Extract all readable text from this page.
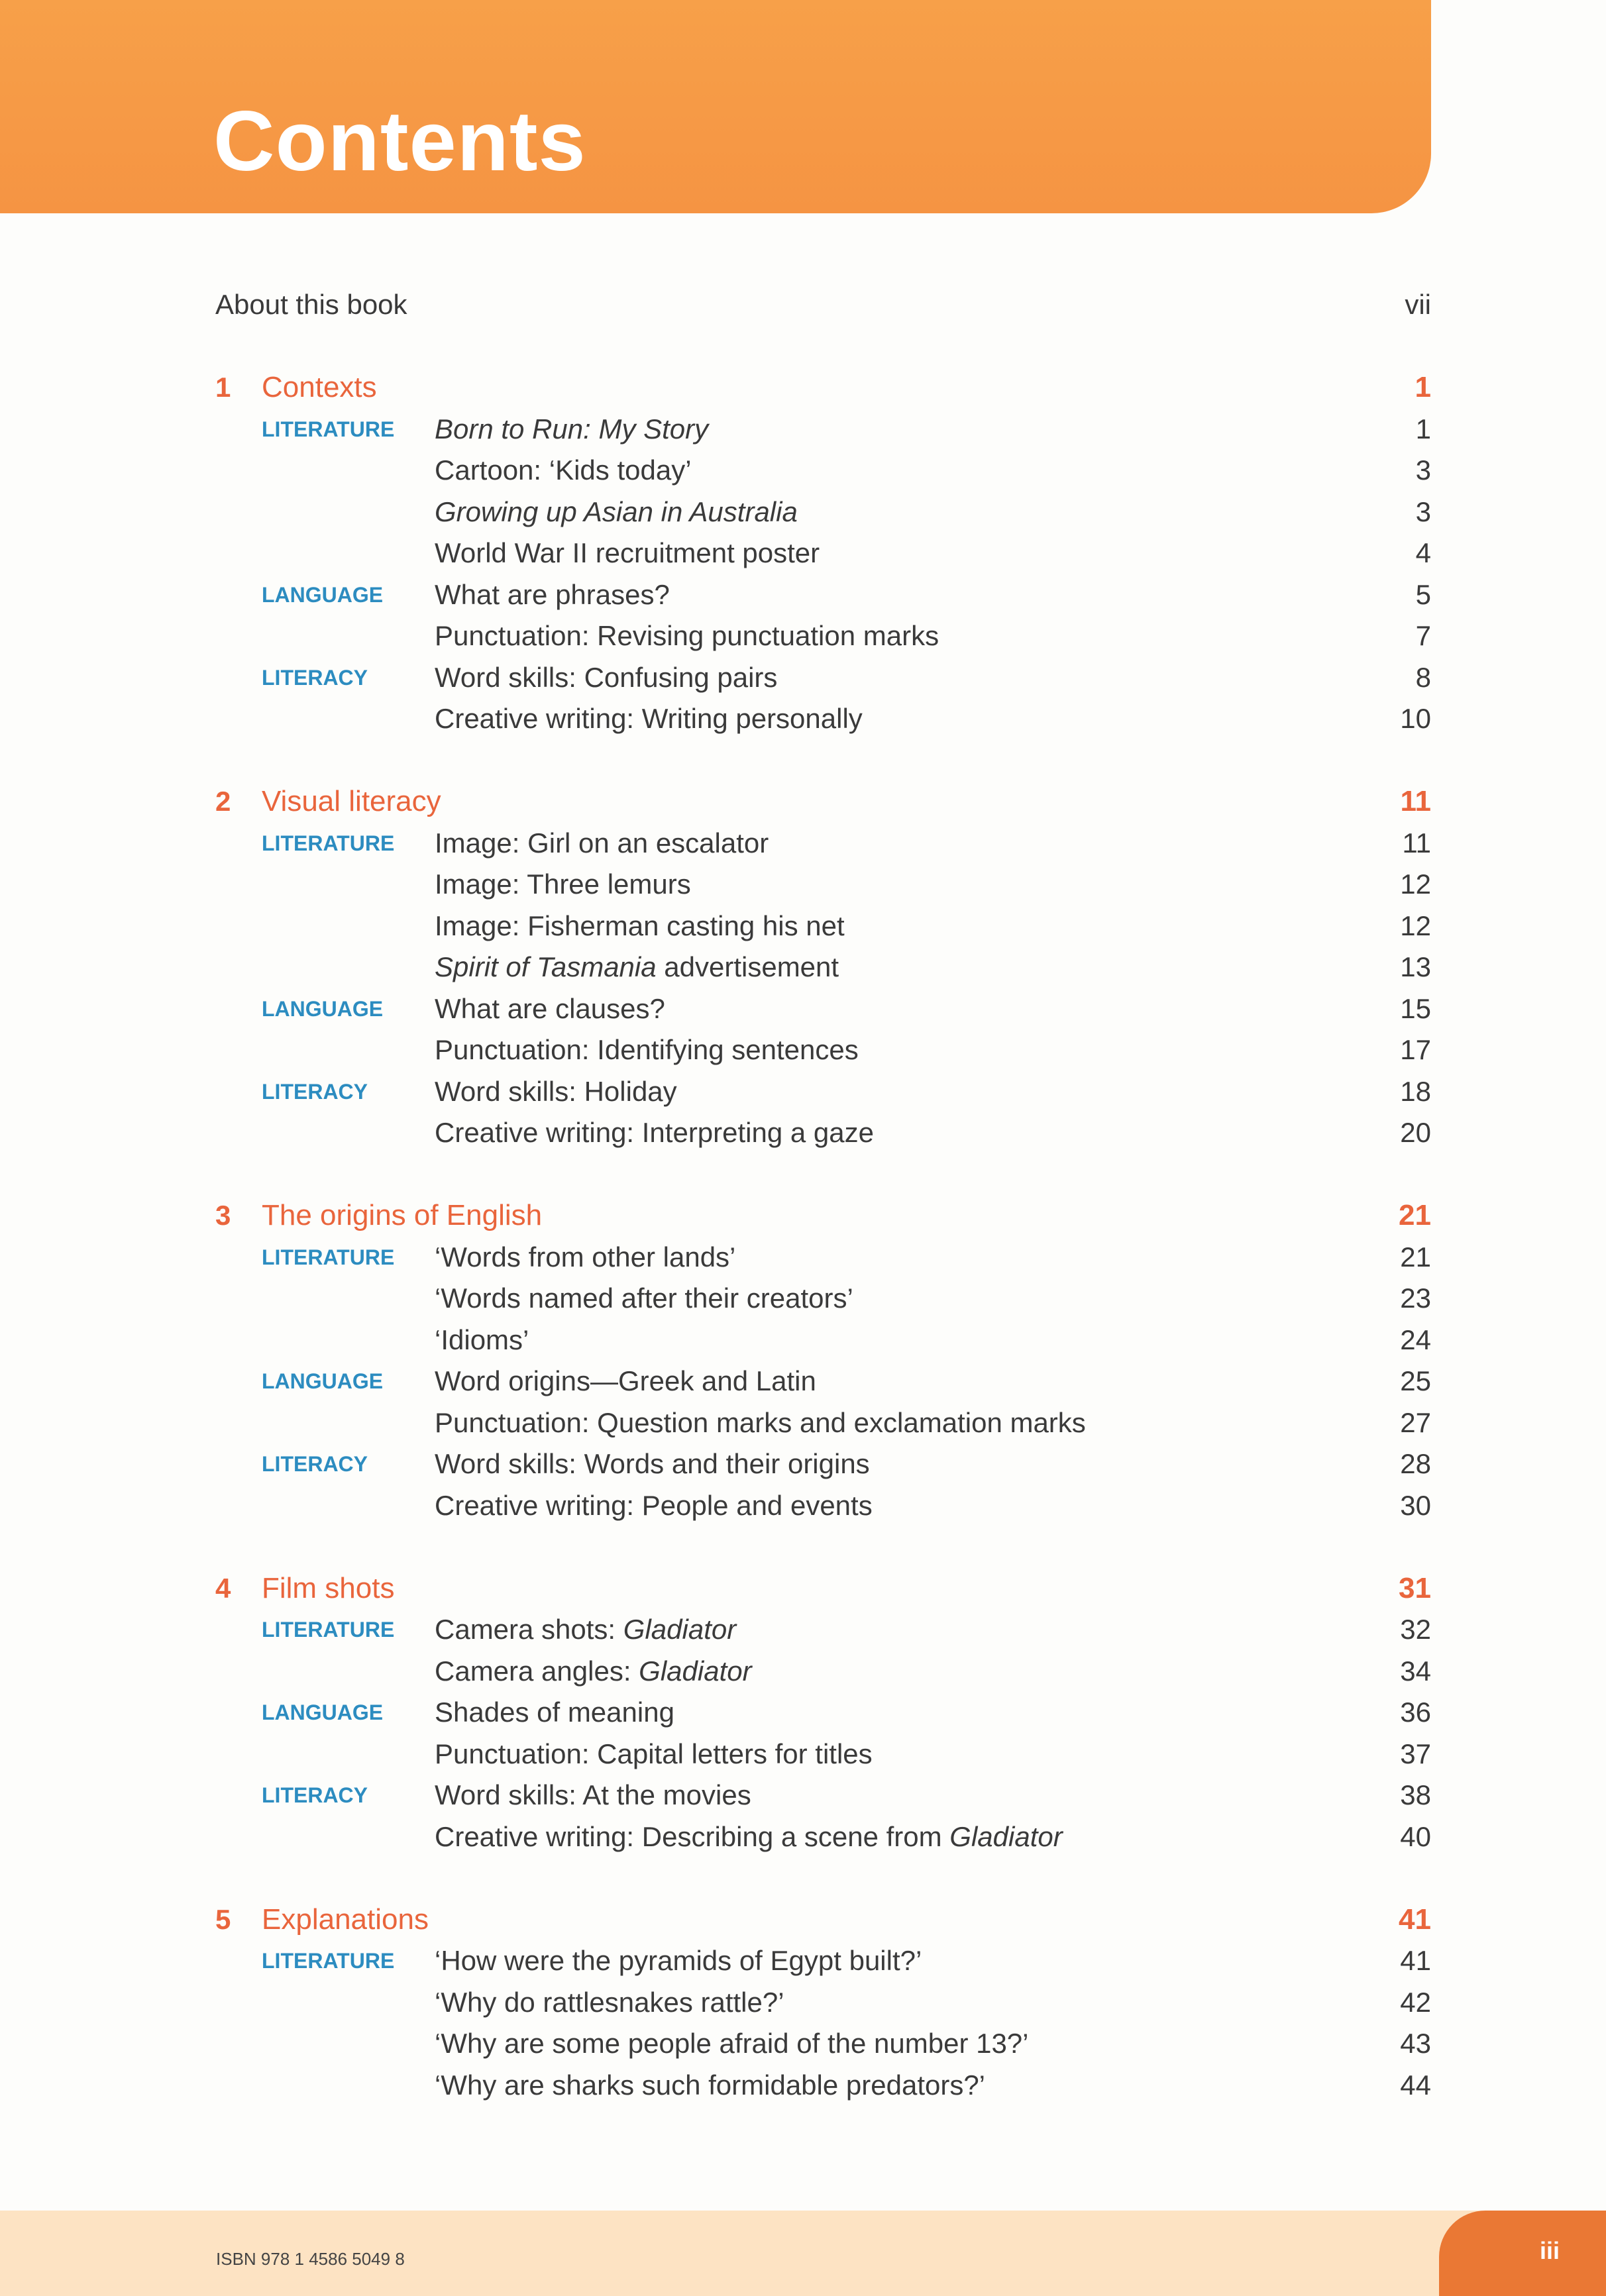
Contents
About this book	vii
1 Contexts	1
LITERATURE Born to Run: My Story	1
Cartoon: ‘Kids today’	3
Growing up Asian in Australia	3
World War II recruitment poster	4
LANGUAGE What are phrases?	5
Punctuation: Revising punctuation marks	7
LITERACY Word skills: Confusing pairs	8
Creative writing: Writing personally	10
2 Visual literacy	11
LITERATURE Image: Girl on an escalator	11
Image: Three lemurs	12
Image: Fisherman casting his net	12
Spirit of Tasmania advertisement	13
LANGUAGE What are clauses?	15
Punctuation: Identifying sentences	17
LITERACY Word skills: Holiday	18
Creative writing: Interpreting a gaze	20
3 The origins of English	21
LITERATURE ‘Words from other lands’	21
‘Words named after their creators’	23
‘Idioms’	24
LANGUAGE Word origins—Greek and Latin	25
Punctuation: Question marks and exclamation marks	27
LITERACY Word skills: Words and their origins	28
Creative writing: People and events	30
4 Film shots	31
LITERATURE Camera shots: Gladiator	32
Camera angles: Gladiator	34
LANGUAGE Shades of meaning	36
Punctuation: Capital letters for titles	37
LITERACY Word skills: At the movies	38
Creative writing: Describing a scene from Gladiator	40
5 Explanations	41
LITERATURE ‘How were the pyramids of Egypt built?’	41
‘Why do rattlesnakes rattle?’	42
‘Why are some people afraid of the number 13?’	43
‘Why are sharks such formidable predators?’	44
ISBN 978 1 4586 5049 8	iii
